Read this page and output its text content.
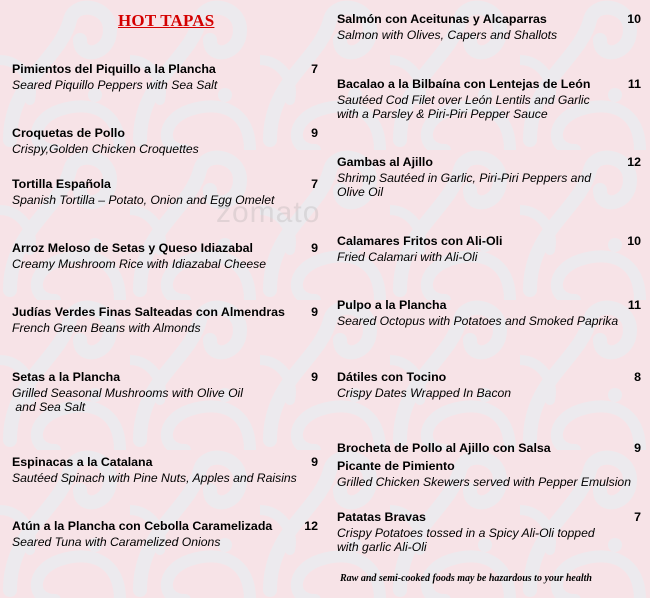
HOT TAPAS
zomato
Pimientos del Piquillo a la Plancha
Seared Piquillo Peppers with Sea Salt
7
Croquetas de Pollo
Crispy,Golden Chicken Croquettes
9
Tortilla Española
Spanish Tortilla – Potato, Onion and Egg Omelet
7
Arroz Meloso de Setas y Queso Idiazabal
Creamy Mushroom Rice with Idiazabal Cheese
9
Judías Verdes Finas Salteadas con Almendras
French Green Beans with Almonds
9
Setas a la Plancha
Grilled Seasonal Mushrooms with Olive Oil
and Sea Salt
9
Espinacas a la Catalana
Sautéed Spinach with Pine Nuts, Apples and Raisins
9
Atún a la Plancha con Cebolla Caramelizada
Seared Tuna with Caramelized Onions
12
Salmón con Aceitunas y Alcaparras
Salmon with Olives, Capers and Shallots
10
Bacalao a la Bilbaína con Lentejas de León
Sautéed Cod Filet over León Lentils and Garlic
with a Parsley & Piri-Piri Pepper Sauce
11
Gambas al Ajillo
Shrimp Sautéed in Garlic, Piri-Piri Peppers and
Olive Oil
12
Calamares Fritos con Ali-Oli
Fried Calamari with Ali-Oli
10
Pulpo a la Plancha
Seared Octopus with Potatoes and Smoked Paprika
11
Dátiles con Tocino
Crispy Dates Wrapped In Bacon
8
Brocheta de Pollo al Ajillo con Salsa
Picante de Pimiento
Grilled Chicken Skewers served with Pepper Emulsion
9
Patatas Bravas
Crispy Potatoes tossed in a Spicy Ali-Oli topped
with garlic Ali-Oli
7
Raw and semi-cooked foods may be hazardous to your health
